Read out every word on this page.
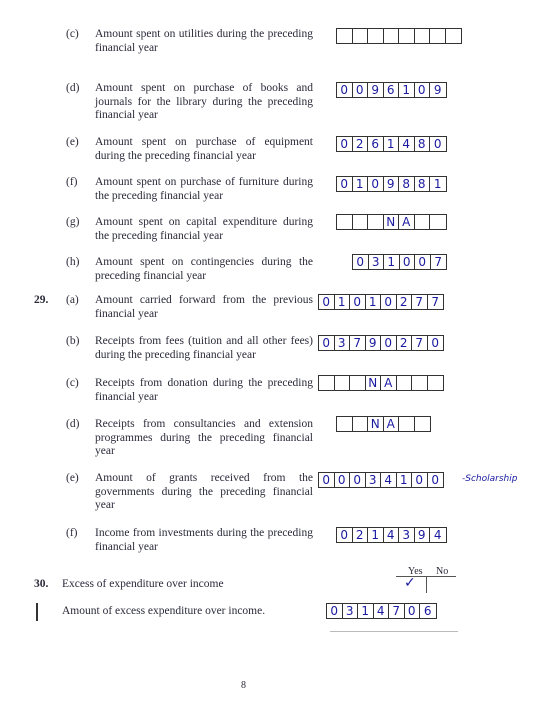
(c) Amount spent on utilities during the preceding financial year
(d) Amount spent on purchase of books and journals for the library during the preceding financial year
0 0 9 6 1 0 9
(e) Amount spent on purchase of equipment during the preceding financial year
0 2 6 1 4 8 0
(f) Amount spent on purchase of furniture during the preceding financial year
0 1 0 9 8 8 1
(g) Amount spent on capital expenditure during the preceding financial year
N A
(h) Amount spent on contingencies during the preceding financial year
0 3 1 0 0 7
29. (a) Amount carried forward from the previous financial year
0 1 0 1 0 2 7 7
(b) Receipts from fees (tuition and all other fees) during the preceding financial year
0 3 7 9 0 2 7 0
(c) Receipts from donation during the preceding financial year
N A
(d) Receipts from consultancies and extension programmes during the preceding financial year
N A
(e) Amount of grants received from the governments during the preceding financial year
0 0 0 3 4 1 0 0	-Scholarship
(f) Income from investments during the preceding financial year
0 2 1 4 3 9 4
30. Excess of expenditure over income
Yes No
✓
Amount of excess expenditure over income.	0 3 1 4 7 0 6
8
